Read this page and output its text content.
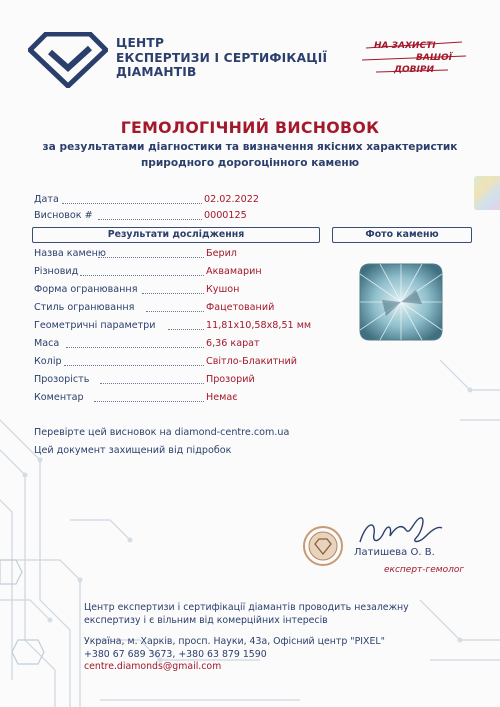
ЦЕНТР
ЕКСПЕРТИЗИ І СЕРТИФІКАЦІЇ
ДІАМАНТІВ
НА ЗАХИСТІ
ВАШОЇ
ДОВІРИ
ГЕМОЛОГІЧНИЙ ВИСНОВОК
за результатами діагностики та визначення якісних характеристик
природного дорогоцінного каменю
Дата	02.02.2022
Висновок #	0000125
Результати дослідження	Фото каменю
Назва каменю	Берил
Різновид	Аквамарин
Форма огранювання	Кушон
Стиль огранювання	Фацетований
Геометричні параметри	11,81x10,58x8,51 мм
Маса	6,36 карат
Колір	Світло-Блакитний
Прозорість	Прозорий
Коментар	Немає
Перевірте цей висновок на diamond-centre.com.ua
Цей документ захищений від підробок
Латишева О. В.
експерт-гемолог
Центр експертизи і сертифікації діамантів проводить незалежну
експертизу і є вільним від комерційних інтересів
Україна, м. Харків, просп. Науки, 43а, Офісний центр "PIXEL"
+380 67 689 3673, +380 63 879 1590
centre.diamonds@gmail.com
